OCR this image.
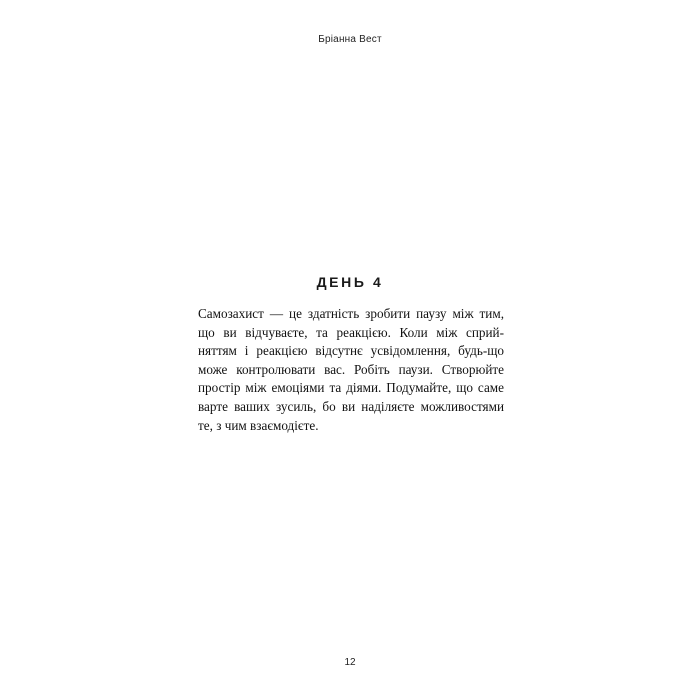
Бріанна Вест
ДЕНЬ 4
Самозахист — це здатність зробити паузу між тим,
що ви відчуваєте, та реакцією. Коли між сприй-
няттям і реакцією відсутнє усвідомлення, будь-що
може контролювати вас. Робіть паузи. Створюйте
простір між емоціями та діями. Подумайте, що саме
варте ваших зусиль, бо ви наділяєте можливостями
те, з чим взаємодієте.
12
